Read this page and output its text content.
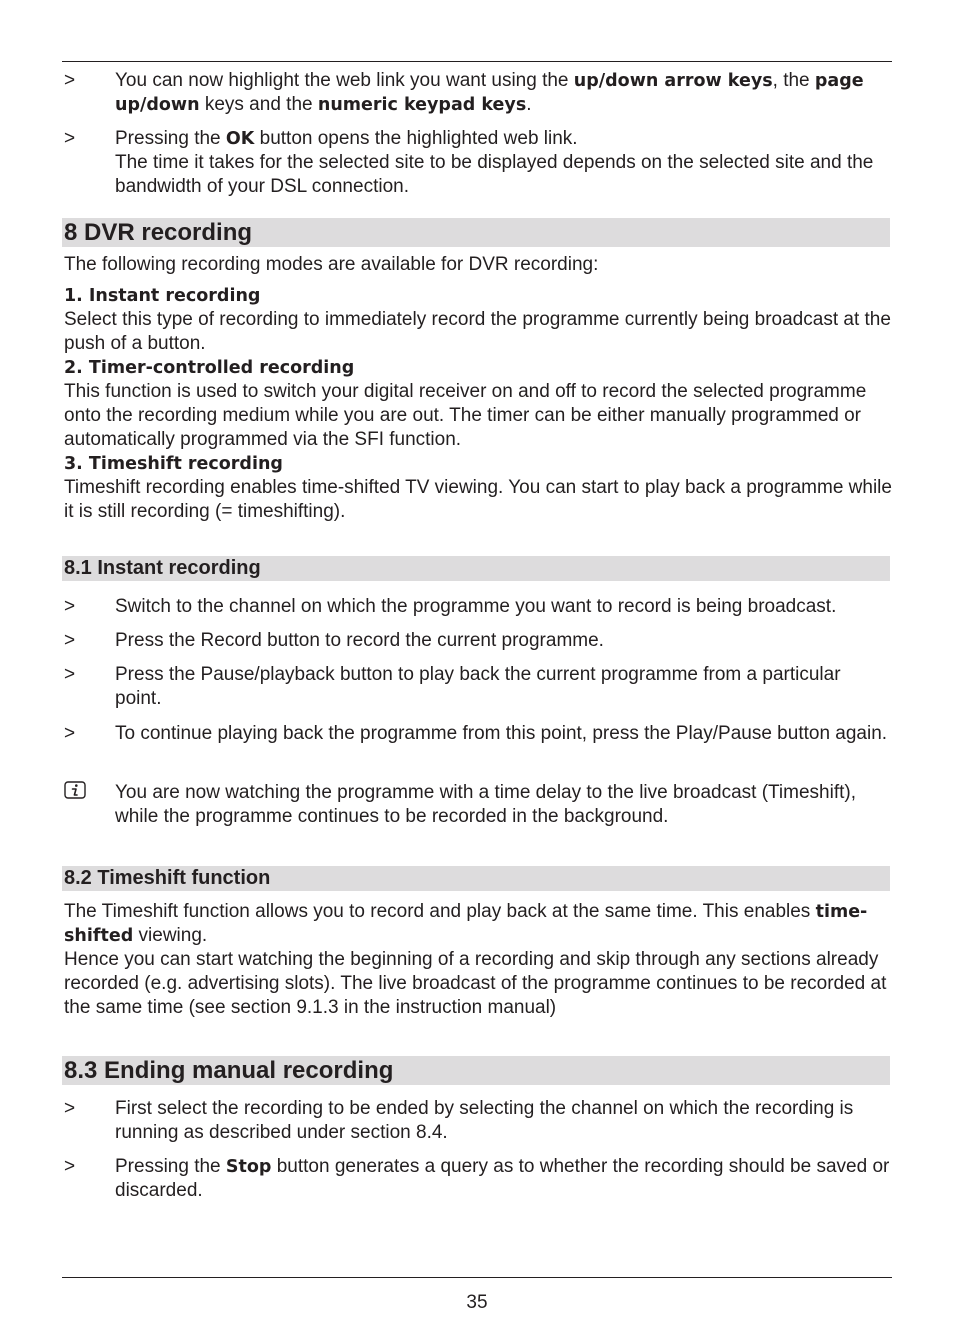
>	You can now highlight the web link you want using the up/down arrow keys, the page up/down keys and the numeric keypad keys.
>	Pressing the OK button opens the highlighted web link.
The time it takes for the selected site to be displayed depends on the selected site and the bandwidth of your DSL connection.
8 DVR recording
The following recording modes are available for DVR recording:
1. Instant recording
Select this type of recording to immediately record the programme currently being broadcast at the push of a button.
2. Timer-controlled recording
This function is used to switch your digital receiver on and off to record the selected programme onto the recording medium while you are out. The timer can be either manually programmed or automatically programmed via the SFI function.
3. Timeshift recording
Timeshift recording enables time-shifted TV viewing. You can start to play back a programme while it is still recording (= timeshifting).
8.1 Instant recording
>	Switch to the channel on which the programme you want to record is being broadcast.
>	Press the Record button to record the current programme.
>	Press the Pause/playback button to play back the current programme from a particular point.
>	To continue playing back the programme from this point, press the Play/Pause button again.
You are now watching the programme with a time delay to the live broadcast (Timeshift), while the programme continues to be recorded in the background.
8.2 Timeshift function
The Timeshift function allows you to record and play back at the same time. This enables time-shifted viewing.
Hence you can start watching the beginning of a recording and skip through any sections already recorded (e.g. advertising slots). The live broadcast of the programme continues to be recorded at the same time (see section 9.1.3 in the instruction manual)
8.3 Ending manual recording
>	First select the recording to be ended by selecting the channel on which the recording is running as described under section 8.4.
>	Pressing the Stop button generates a query as to whether the recording should be saved or discarded.
35
